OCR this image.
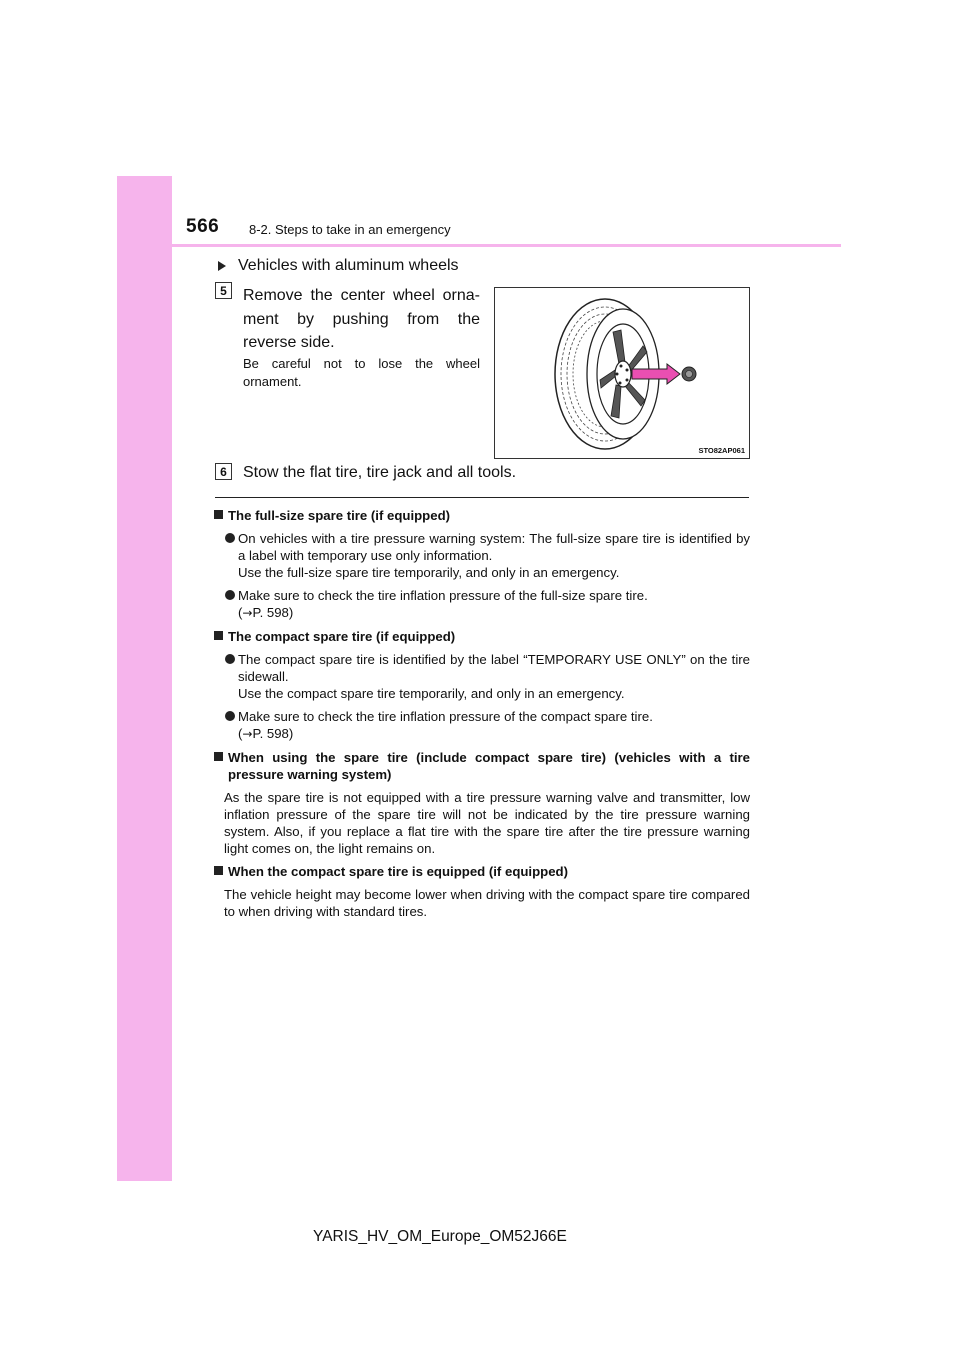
566 8-2. Steps to take in an emergency
Vehicles with aluminum wheels
5	Remove the center wheel ornament by pushing from the reverse side.
Be careful not to lose the wheel ornament.
STO82AP061
6	Stow the flat tire, tire jack and all tools.
The full-size spare tire (if equipped)
On vehicles with a tire pressure warning system: The full-size spare tire is identified by a label with temporary use only information.
Use the full-size spare tire temporarily, and only in an emergency.
Make sure to check the tire inflation pressure of the full-size spare tire.
(→P. 598)
The compact spare tire (if equipped)
The compact spare tire is identified by the label “TEMPORARY USE ONLY” on the tire sidewall.
Use the compact spare tire temporarily, and only in an emergency.
Make sure to check the tire inflation pressure of the compact spare tire.
(→P. 598)
When using the spare tire (include compact spare tire) (vehicles with a tire pressure warning system)
As the spare tire is not equipped with a tire pressure warning valve and transmitter, low inflation pressure of the spare tire will not be indicated by the tire pressure warning system. Also, if you replace a flat tire with the spare tire after the tire pressure warning light comes on, the light remains on.
When the compact spare tire is equipped (if equipped)
The vehicle height may become lower when driving with the compact spare tire compared to when driving with standard tires.
YARIS_HV_OM_Europe_OM52J66E
